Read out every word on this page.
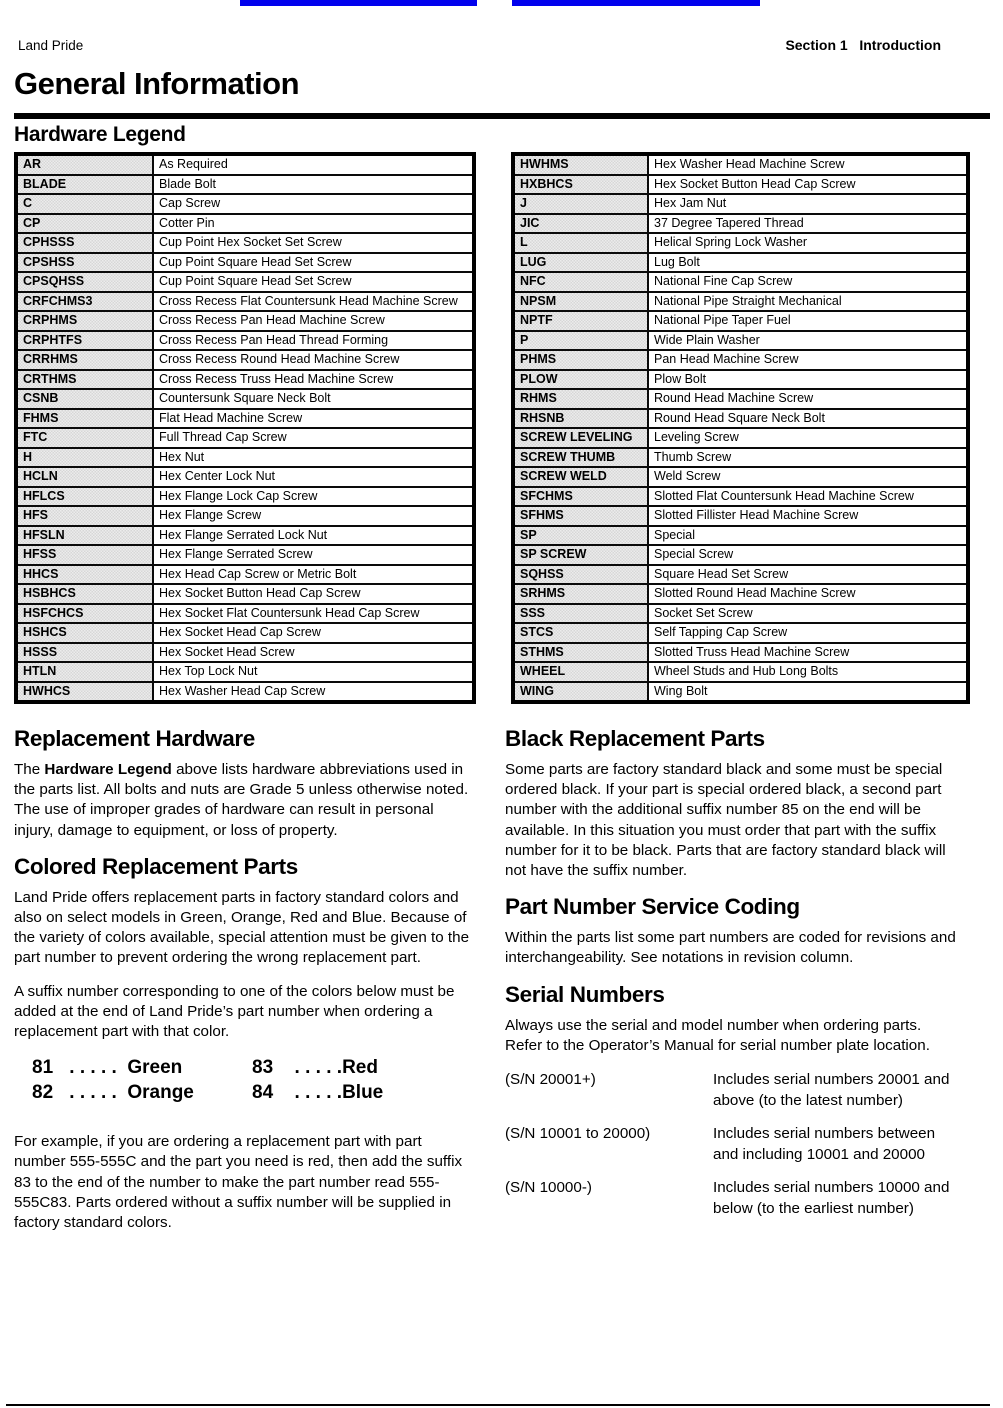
Land Pride	Section 1   Introduction
General Information
Hardware Legend
AR	As Required
BLADE	Blade Bolt
C	Cap Screw
CP	Cotter Pin
CPHSSS	Cup Point Hex Socket Set Screw
CPSHSS	Cup Point Square Head Set Screw
CPSQHSS	Cup Point Square Head Set Screw
CRFCHMS3	Cross Recess Flat Countersunk Head Machine Screw
CRPHMS	Cross Recess Pan Head Machine Screw
CRPHTFS	Cross Recess Pan Head Thread Forming
CRRHMS	Cross Recess Round Head Machine Screw
CRTHMS	Cross Recess Truss Head Machine Screw
CSNB	Countersunk Square Neck Bolt
FHMS	Flat Head Machine Screw
FTC	Full Thread Cap Screw
H	Hex Nut
HCLN	Hex Center Lock Nut
HFLCS	Hex Flange Lock Cap Screw
HFS	Hex Flange Screw
HFSLN	Hex Flange Serrated Lock Nut
HFSS	Hex Flange Serrated Screw
HHCS	Hex Head Cap Screw or Metric Bolt
HSBHCS	Hex Socket Button Head Cap Screw
HSFCHCS	Hex Socket Flat Countersunk Head Cap Screw
HSHCS	Hex Socket Head Cap Screw
HSSS	Hex Socket Head Screw
HTLN	Hex Top Lock Nut
HWHCS	Hex Washer Head Cap Screw
HWHMS	Hex Washer Head Machine Screw
HXBHCS	Hex Socket Button Head Cap Screw
J	Hex Jam Nut
JIC	37 Degree Tapered Thread
L	Helical Spring Lock Washer
LUG	Lug Bolt
NFC	National Fine Cap Screw
NPSM	National Pipe Straight Mechanical
NPTF	National Pipe Taper Fuel
P	Wide Plain Washer
PHMS	Pan Head Machine Screw
PLOW	Plow Bolt
RHMS	Round Head Machine Screw
RHSNB	Round Head Square Neck Bolt
SCREW LEVELING	Leveling Screw
SCREW THUMB	Thumb Screw
SCREW WELD	Weld Screw
SFCHMS	Slotted Flat Countersunk Head Machine Screw
SFHMS	Slotted Fillister Head Machine Screw
SP	Special
SP SCREW	Special Screw
SQHSS	Square Head Set Screw
SRHMS	Slotted Round Head Machine Screw
SSS	Socket Set Screw
STCS	Self Tapping Cap Screw
STHMS	Slotted Truss Head Machine Screw
WHEEL	Wheel Studs and Hub Long Bolts
WING	Wing Bolt
Replacement Hardware

The Hardware Legend above lists hardware abbreviations used in the parts list. All bolts and nuts are Grade 5 unless otherwise noted. The use of improper grades of hardware can result in personal injury, damage to equipment, or loss of property.

Colored Replacement Parts

Land Pride offers replacement parts in factory standard colors and also on select models in Green, Orange, Red and Blue. Because of the variety of colors available, special attention must be given to the part number to prevent ordering the wrong replacement part.

A suffix number corresponding to one of the colors below must be added at the end of Land Pride’s part number when ordering a replacement part with that color.

81 . . . . .  Green
82 . . . . .  Orange
83  . . . . .Red
84  . . . . .Blue

For example, if you are ordering a replacement part with part number 555-555C and the part you need is red, then add the suffix 83 to the end of the number to make the part number read 555-555C83. Parts ordered without a suffix number will be supplied in factory standard colors.

Black Replacement Parts

Some parts are factory standard black and some must be special ordered black. If your part is special ordered black, a second part number with the additional suffix number 85 on the end will be available. In this situation you must order that part with the suffix number for it to be black. Parts that are factory standard black will not have the suffix number.

Part Number Service Coding

Within the parts list some part numbers are coded for revisions and interchangeability. See notations in revision column.

Serial Numbers

Always use the serial and model number when ordering parts. Refer to the Operator’s Manual for serial number plate location.

(S/N 20001+)	Includes serial numbers 20001 and above (to the latest number)
(S/N 10001 to 20000)	Includes serial numbers between and including 10001 and 20000
(S/N 10000-)	Includes serial numbers 10000 and below (to the earliest number)
